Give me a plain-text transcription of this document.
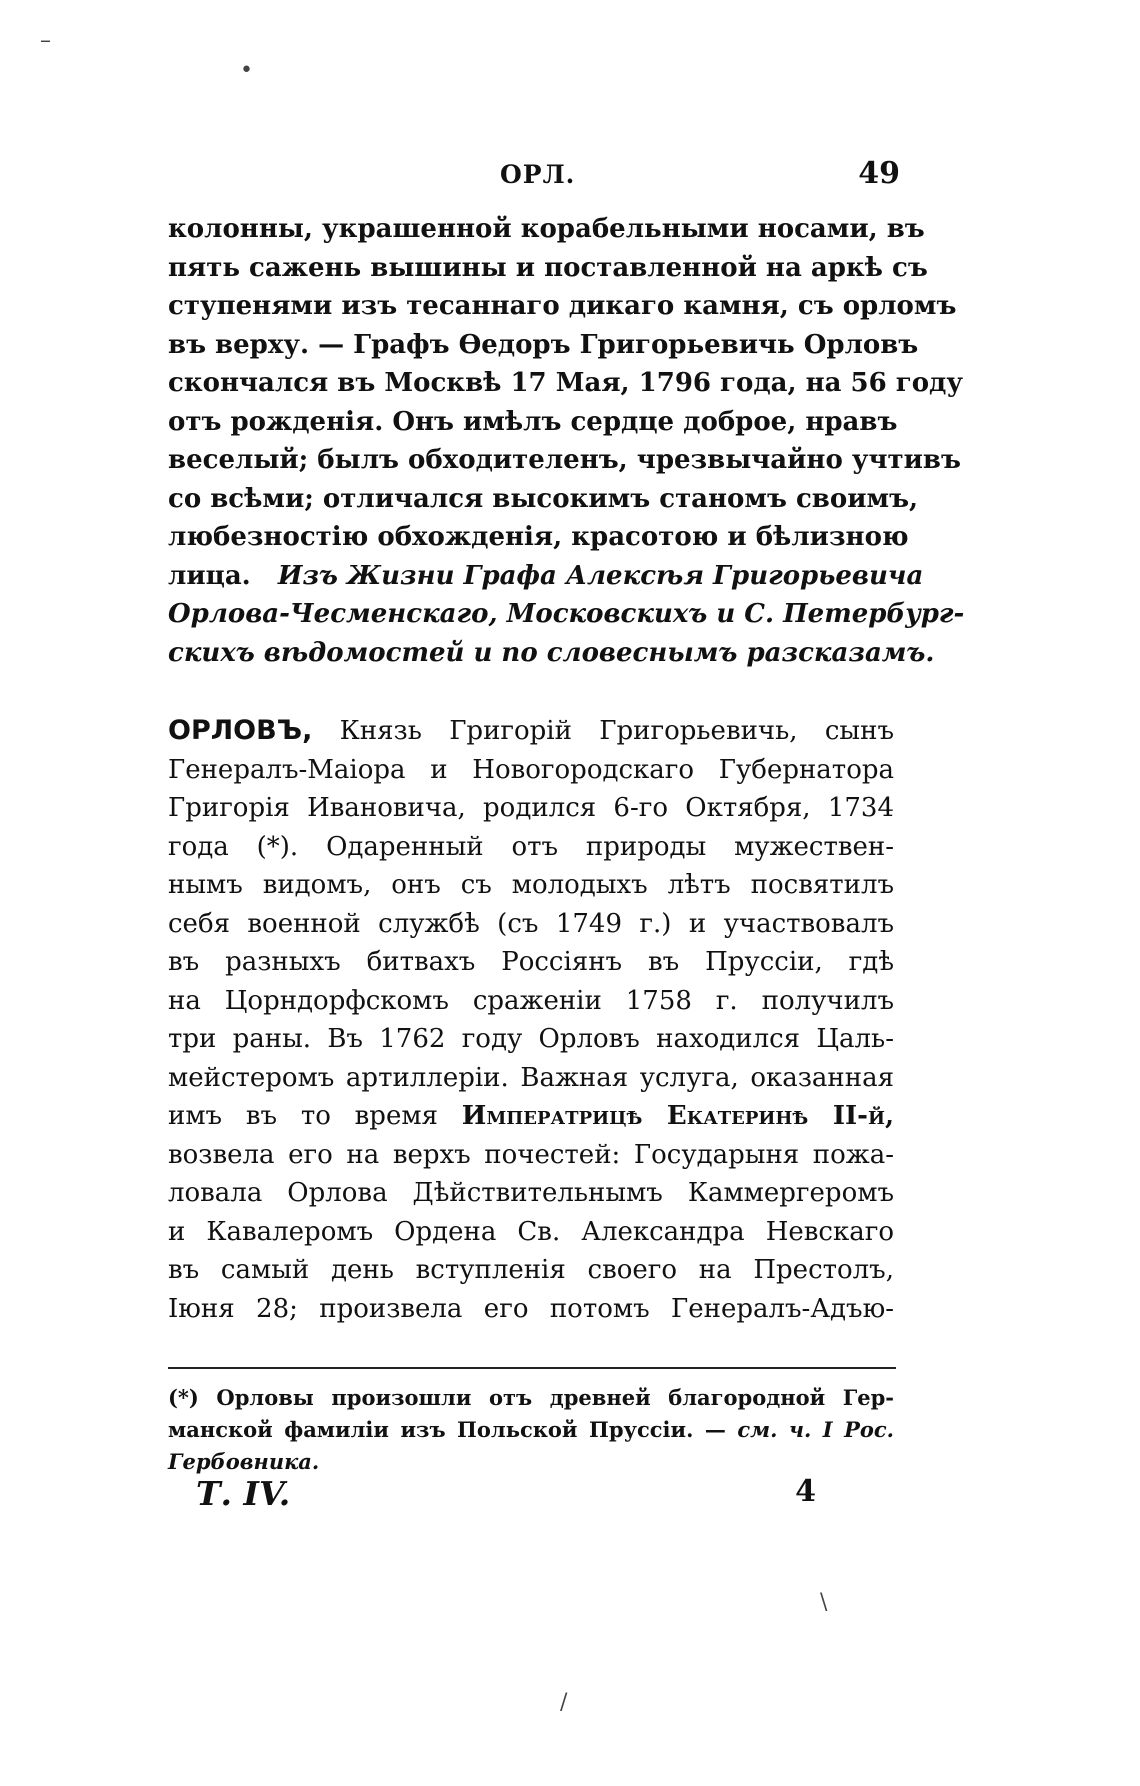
ОРЛ.	49
колонны, украшенной корабельными носами, въ
пять сажень вышины и поставленной на аркѣ съ
ступенями изъ тесаннаго дикаго камня, съ орломъ
въ верху. — Графъ Ѳедоръ Григорьевичь Орловъ
скончался въ Москвѣ 17 Мая, 1796 года, на 56 году
отъ рожденія. Онъ имѣлъ сердце доброе, нравъ
веселый; былъ обходителенъ, чрезвычайно учтивъ
со всѣми; отличался высокимъ станомъ своимъ,
любезностію обхожденія, красотою и бѣлизною
лица. Изъ Жизни Графа Алексѣя Григорьевича
Орлова-Чесменскаго, Московскихъ и С. Петербург-
скихъ вѣдомостей и по словеснымъ разсказамъ.
ОРЛОВЪ, Князь Григорій Григорьевичь, сынъ
Генералъ-Маіора и Новогородскаго Губернатора
Григорія Ивановича, родился 6-го Октября, 1734
года (*). Одаренный отъ природы мужествен-
нымъ видомъ, онъ съ молодыхъ лѣтъ посвятилъ
себя военной службѣ (съ 1749 г.) и участвовалъ
въ разныхъ битвахъ Россіянъ въ Пруссіи, гдѣ
на Цорндорфскомъ сраженіи 1758 г. получилъ
три раны. Въ 1762 году Орловъ находился Цаль-
мейстеромъ артиллеріи. Важная услуга, оказанная
имъ въ то время Императрицѣ Екатеринѣ II-й,
возвела его на верхъ почестей: Государыня пожа-
ловала Орлова Дѣйствительнымъ Каммергеромъ
и Кавалеромъ Ордена Св. Александра Невскаго
въ самый день вступленія своего на Престолъ,
Іюня 28; произвела его потомъ Генералъ-Адъю-
(*) Орловы произошли отъ древней благородной Гер-
манской фамиліи изъ Польской Пруссіи. — см. ч. I Рос.
Гербовника.
Т. IV.	4
–
•
\
/
